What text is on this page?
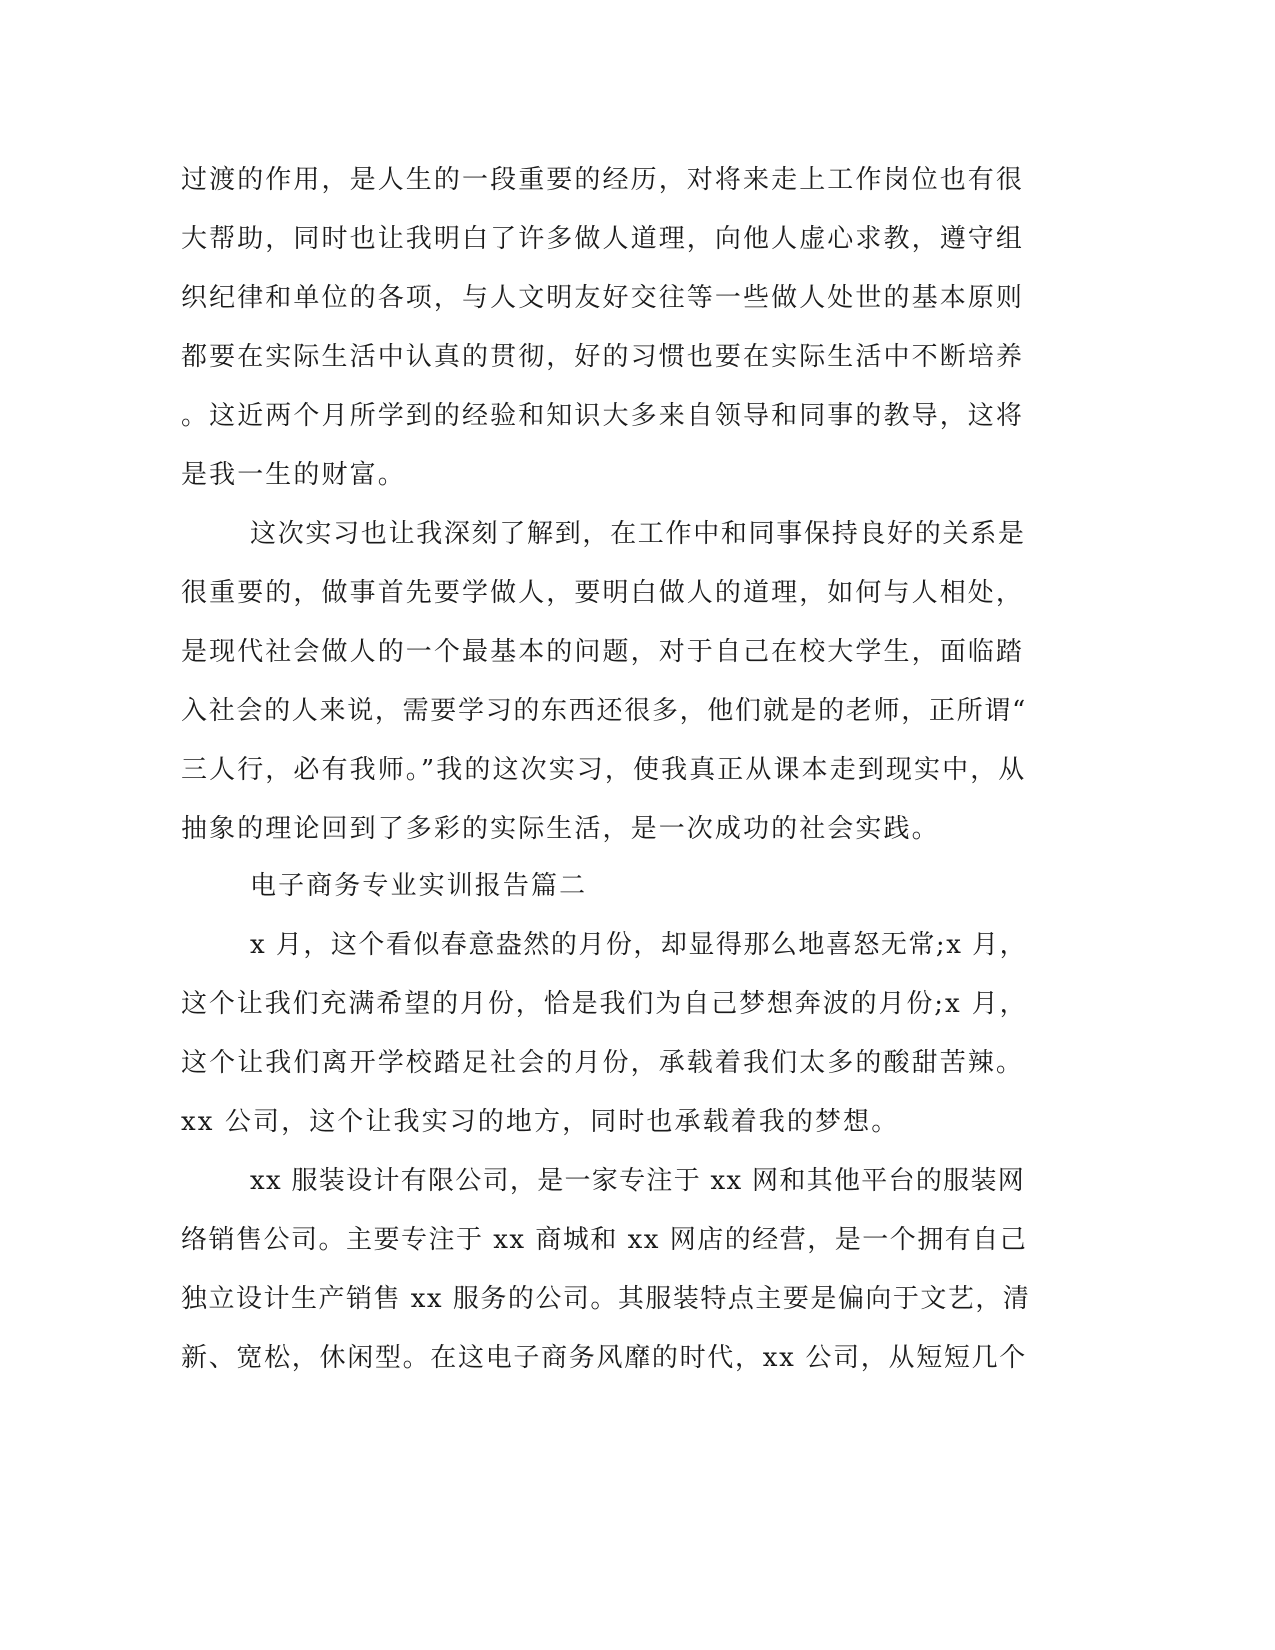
过渡的作用，是人生的一段重要的经历，对将来走上工作岗位也有很
大帮助，同时也让我明白了许多做人道理，向他人虚心求教，遵守组
织纪律和单位的各项，与人文明友好交往等一些做人处世的基本原则
都要在实际生活中认真的贯彻，好的习惯也要在实际生活中不断培养
。这近两个月所学到的经验和知识大多来自领导和同事的教导，这将
是我一生的财富。
这次实习也让我深刻了解到，在工作中和同事保持良好的关系是
很重要的，做事首先要学做人，要明白做人的道理，如何与人相处，
是现代社会做人的一个最基本的问题，对于自己在校大学生，面临踏
入社会的人来说，需要学习的东西还很多，他们就是的老师，正所谓“
三人行，必有我师。”我的这次实习，使我真正从课本走到现实中，从
抽象的理论回到了多彩的实际生活，是一次成功的社会实践。
电子商务专业实训报告篇二
x 月，这个看似春意盎然的月份，却显得那么地喜怒无常;x 月，
这个让我们充满希望的月份，恰是我们为自己梦想奔波的月份;x 月，
这个让我们离开学校踏足社会的月份，承载着我们太多的酸甜苦辣。
xx 公司，这个让我实习的地方，同时也承载着我的梦想。
xx 服装设计有限公司，是一家专注于 xx 网和其他平台的服装网
络销售公司。主要专注于 xx 商城和 xx 网店的经营，是一个拥有自己
独立设计生产销售 xx 服务的公司。其服装特点主要是偏向于文艺，清
新、宽松，休闲型。在这电子商务风靡的时代，xx 公司，从短短几个
